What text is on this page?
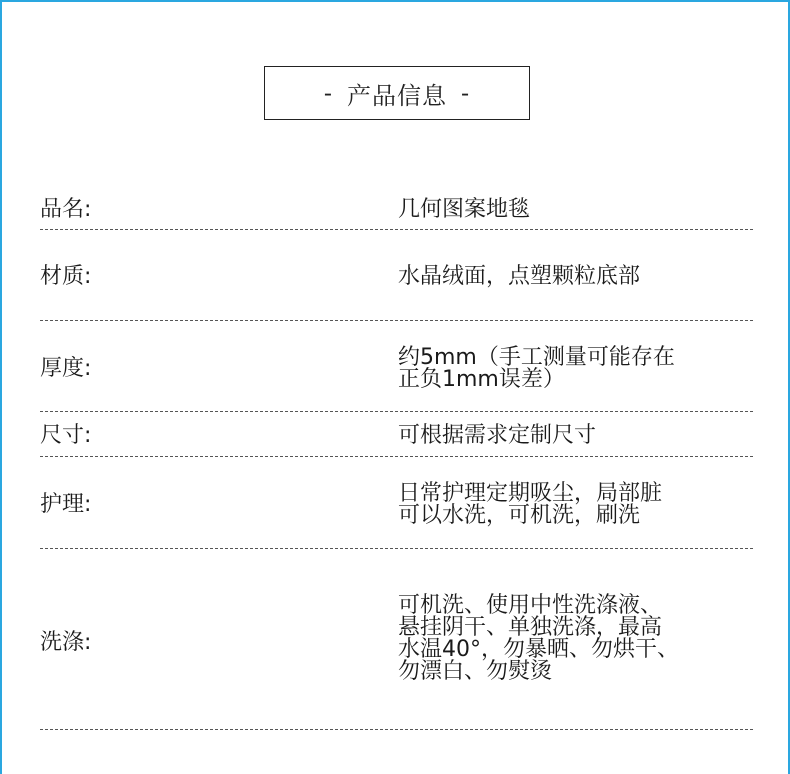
- 产品信息 -
品名:	几何图案地毯
材质:	水晶绒面，点塑颗粒底部
厚度:	约5mm（手工测量可能存在
正负1mm误差）
尺寸:	可根据需求定制尺寸
护理:	日常护理定期吸尘，局部脏
可以水洗，可机洗，刷洗
洗涤:
可机洗、使用中性洗涤液、
悬挂阴干、单独洗涤，最高
水温40°，勿暴晒、勿烘干、
勿漂白、勿熨烫
